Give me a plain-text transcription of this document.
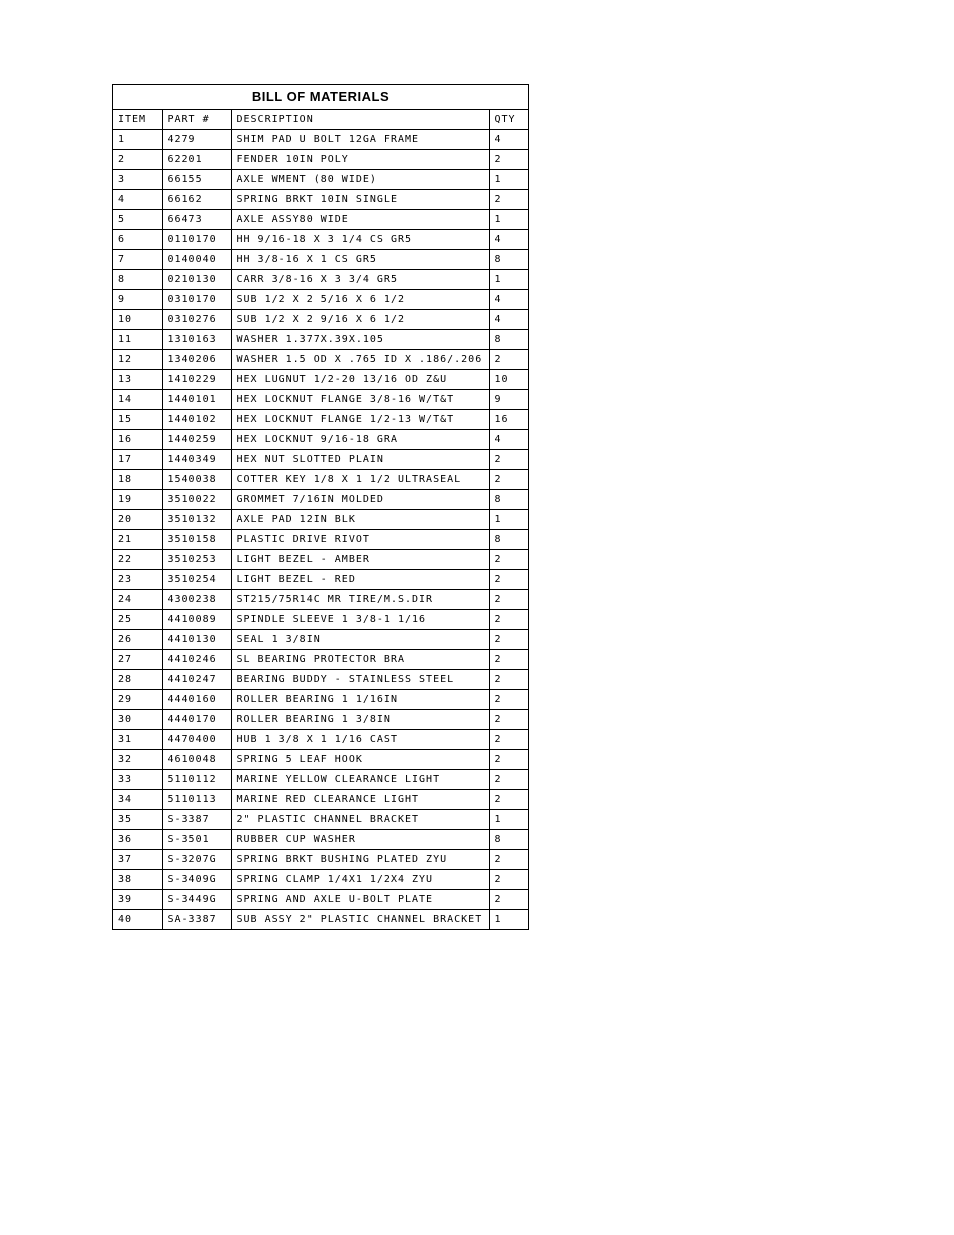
BILL OF MATERIALS
ITEM	PART #	DESCRIPTION	QTY
1	4279	SHIM PAD U BOLT 12GA FRAME	4
2	62201	FENDER 10IN POLY	2
3	66155	AXLE WMENT (80 WIDE)	1
4	66162	SPRING BRKT 10IN SINGLE	2
5	66473	AXLE ASSY80 WIDE	1
6	0110170	HH 9/16-18 X 3 1/4 CS GR5	4
7	0140040	HH 3/8-16 X 1 CS GR5	8
8	0210130	CARR 3/8-16 X 3 3/4 GR5	1
9	0310170	SUB 1/2 X 2 5/16 X 6 1/2	4
10	0310276	SUB 1/2 X 2 9/16 X 6 1/2	4
11	1310163	WASHER 1.377X.39X.105	8
12	1340206	WASHER 1.5 OD X .765 ID X .186/.206	2
13	1410229	HEX LUGNUT 1/2-20 13/16 OD Z&U	10
14	1440101	HEX LOCKNUT FLANGE 3/8-16 W/T&T	9
15	1440102	HEX LOCKNUT FLANGE 1/2-13 W/T&T	16
16	1440259	HEX LOCKNUT 9/16-18 GRA	4
17	1440349	HEX NUT SLOTTED PLAIN	2
18	1540038	COTTER KEY 1/8 X 1 1/2 ULTRASEAL	2
19	3510022	GROMMET 7/16IN MOLDED	8
20	3510132	AXLE PAD 12IN BLK	1
21	3510158	PLASTIC DRIVE RIVOT	8
22	3510253	LIGHT BEZEL - AMBER	2
23	3510254	LIGHT BEZEL - RED	2
24	4300238	ST215/75R14C MR TIRE/M.S.DIR	2
25	4410089	SPINDLE SLEEVE 1 3/8-1 1/16	2
26	4410130	SEAL 1 3/8IN	2
27	4410246	SL BEARING PROTECTOR BRA	2
28	4410247	BEARING BUDDY - STAINLESS STEEL	2
29	4440160	ROLLER BEARING 1 1/16IN	2
30	4440170	ROLLER BEARING 1 3/8IN	2
31	4470400	HUB 1 3/8 X 1 1/16 CAST	2
32	4610048	SPRING 5 LEAF HOOK	2
33	5110112	MARINE YELLOW CLEARANCE LIGHT	2
34	5110113	MARINE RED CLEARANCE LIGHT	2
35	S-3387	2" PLASTIC CHANNEL BRACKET	1
36	S-3501	RUBBER CUP WASHER	8
37	S-3207G	SPRING BRKT BUSHING PLATED ZYU	2
38	S-3409G	SPRING CLAMP 1/4X1 1/2X4 ZYU	2
39	S-3449G	SPRING AND AXLE U-BOLT PLATE	2
40	SA-3387	SUB ASSY 2" PLASTIC CHANNEL BRACKET	1
